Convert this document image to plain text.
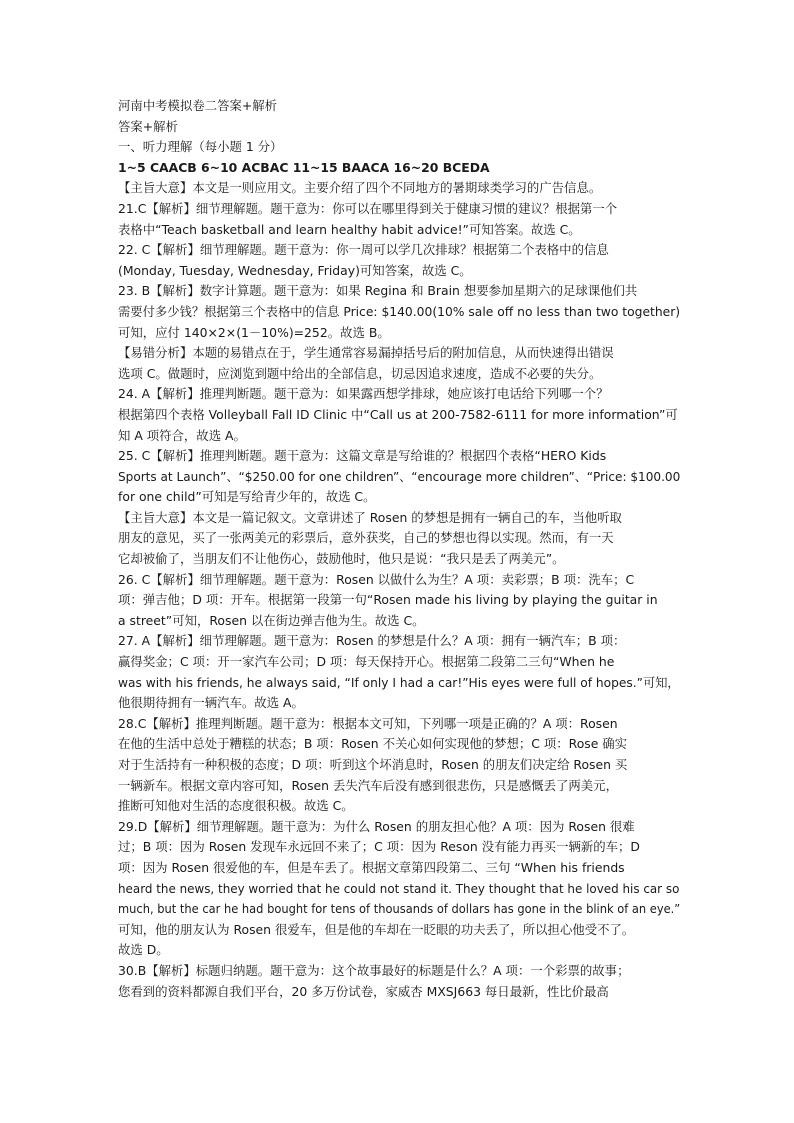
河南中考模拟卷二答案+解析
答案+解析
一、听力理解（每小题 1 分）
1~5 CAACB 6~10 ACBAC 11~15 BAACA 16~20 BCEDA
【主旨大意】本文是一则应用文。主要介绍了四个不同地方的暑期球类学习的广告信息。
21.C【解析】细节理解题。题干意为：你可以在哪里得到关于健康习惯的建议？根据第一个
表格中“Teach basketball and learn healthy habit advice!”可知答案。故选 C。
22. C【解析】细节理解题。题干意为：你一周可以学几次排球？根据第二个表格中的信息
(Monday, Tuesday, Wednesday, Friday)可知答案，故选 C。
23. B【解析】数字计算题。题干意为：如果 Regina 和 Brain 想要参加星期六的足球课他们共
需要付多少钱？根据第三个表格中的信息 Price: $140.00(10% sale off no less than two together)
可知，应付 140×2×(1－10%)=252。故选 B。
【易错分析】本题的易错点在于，学生通常容易漏掉括号后的附加信息，从而快速得出错误
选项 C。做题时，应浏览到题中给出的全部信息，切忌因追求速度，造成不必要的失分。
24. A【解析】推理判断题。题干意为：如果露西想学排球，她应该打电话给下列哪一个？
根据第四个表格 Volleyball Fall ID Clinic 中“Call us at 200-7582-6111 for more information”可
知 A 项符合，故选 A。
25. C【解析】推理判断题。题干意为：这篇文章是写给谁的？根据四个表格“HERO Kids
Sports at Launch”、“$250.00 for one children”、“encourage more children”、“Price: $100.00
for one child”可知是写给青少年的，故选 C。
【主旨大意】本文是一篇记叙文。文章讲述了 Rosen 的梦想是拥有一辆自己的车，当他听取
朋友的意见，买了一张两美元的彩票后，意外获奖，自己的梦想也得以实现。然而，有一天
它却被偷了，当朋友们不让他伤心，鼓励他时，他只是说：“我只是丢了两美元”。
26. C【解析】细节理解题。题干意为：Rosen 以做什么为生？A 项：卖彩票；B 项：洗车；C
项：弹吉他；D 项：开车。根据第一段第一句“Rosen made his living by playing the guitar in
a street”可知，Rosen 以在街边弹吉他为生。故选 C。
27. A【解析】细节理解题。题干意为：Rosen 的梦想是什么？A 项：拥有一辆汽车；B 项：
赢得奖金；C 项：开一家汽车公司；D 项：每天保持开心。根据第二段第二三句“When he
was with his friends, he always said, “If only I had a car!”His eyes were full of hopes.”可知，
他很期待拥有一辆汽车。故选 A。
28.C【解析】推理判断题。题干意为：根据本文可知，下列哪一项是正确的？A 项：Rosen
在他的生活中总处于糟糕的状态；B 项：Rosen 不关心如何实现他的梦想；C 项：Rose 确实
对于生活持有一种积极的态度；D 项：听到这个坏消息时，Rosen 的朋友们决定给 Rosen 买
一辆新车。根据文章内容可知，Rosen 丢失汽车后没有感到很悲伤，只是感慨丢了两美元，
推断可知他对生活的态度很积极。故选 C。
29.D【解析】细节理解题。题干意为：为什么 Rosen 的朋友担心他？A 项：因为 Rosen 很难
过；B 项：因为 Rosen 发现车永远回不来了；C 项：因为 Reson 没有能力再买一辆新的车；D
项：因为 Rosen 很爱他的车，但是车丢了。根据文章第四段第二、三句 “When his friends
heard the news, they worried that he could not stand it. They thought that he loved his car so
much, but the car he had bought for tens of thousands of dollars has gone in the blink of an eye.”
可知，他的朋友认为 Rosen 很爱车，但是他的车却在一眨眼的功夫丢了，所以担心他受不了。
故选 D。
30.B【解析】标题归纳题。题干意为：这个故事最好的标题是什么？A 项：一个彩票的故事；
您看到的资料都源自我们平台，20 多万份试卷，家威杏 MXSJ663 每日最新，性比价最高
